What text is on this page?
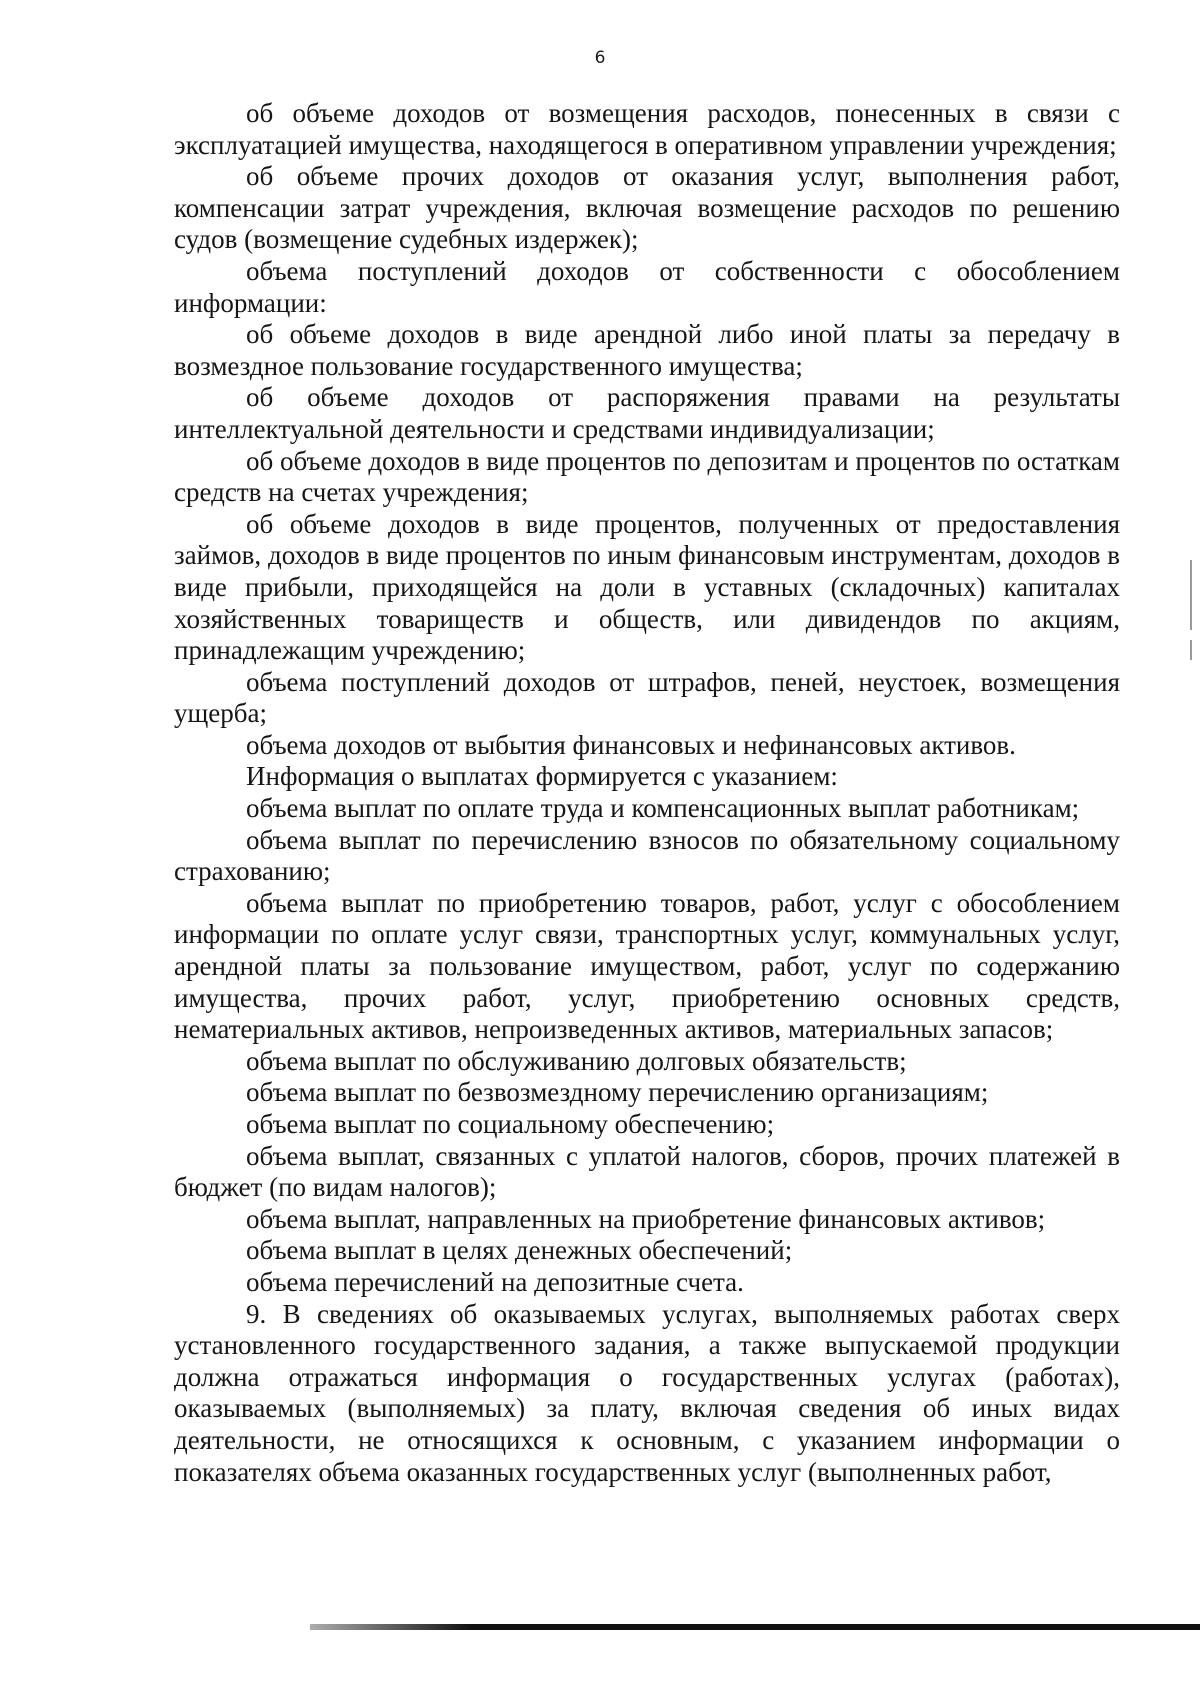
6

об объеме доходов от возмещения расходов, понесенных в связи с эксплуатацией имущества, находящегося в оперативном управлении учреждения;

об объеме прочих доходов от оказания услуг, выполнения работ, компенсации затрат учреждения, включая возмещение расходов по решению судов (возмещение судебных издержек);

объема поступлений доходов от собственности с обособлением информации:

об объеме доходов в виде арендной либо иной платы за передачу в возмездное пользование государственного имущества;

об объеме доходов от распоряжения правами на результаты интеллектуальной деятельности и средствами индивидуализации;

об объеме доходов в виде процентов по депозитам и процентов по остаткам средств на счетах учреждения;

об объеме доходов в виде процентов, полученных от предоставления займов, доходов в виде процентов по иным финансовым инструментам, доходов в виде прибыли, приходящейся на доли в уставных (складочных) капиталах хозяйственных товариществ и обществ, или дивидендов по акциям, принадлежащим учреждению;

объема поступлений доходов от штрафов, пеней, неустоек, возмещения ущерба;

объема доходов от выбытия финансовых и нефинансовых активов.

Информация о выплатах формируется с указанием:

объема выплат по оплате труда и компенсационных выплат работникам;

объема выплат по перечислению взносов по обязательному социальному страхованию;

объема выплат по приобретению товаров, работ, услуг с обособлением информации по оплате услуг связи, транспортных услуг, коммунальных услуг, арендной платы за пользование имуществом, работ, услуг по содержанию имущества, прочих работ, услуг, приобретению основных средств, нематериальных активов, непроизведенных активов, материальных запасов;

объема выплат по обслуживанию долговых обязательств;

объема выплат по безвозмездному перечислению организациям;

объема выплат по социальному обеспечению;

объема выплат, связанных с уплатой налогов, сборов, прочих платежей в бюджет (по видам налогов);

объема выплат, направленных на приобретение финансовых активов;

объема выплат в целях денежных обеспечений;

объема перечислений на депозитные счета.

9. В сведениях об оказываемых услугах, выполняемых работах сверх установленного государственного задания, а также выпускаемой продукции должна отражаться информация о государственных услугах (работах), оказываемых (выполняемых) за плату, включая сведения об иных видах деятельности, не относящихся к основным, с указанием информации о показателях объема оказанных государственных услуг (выполненных работ,
